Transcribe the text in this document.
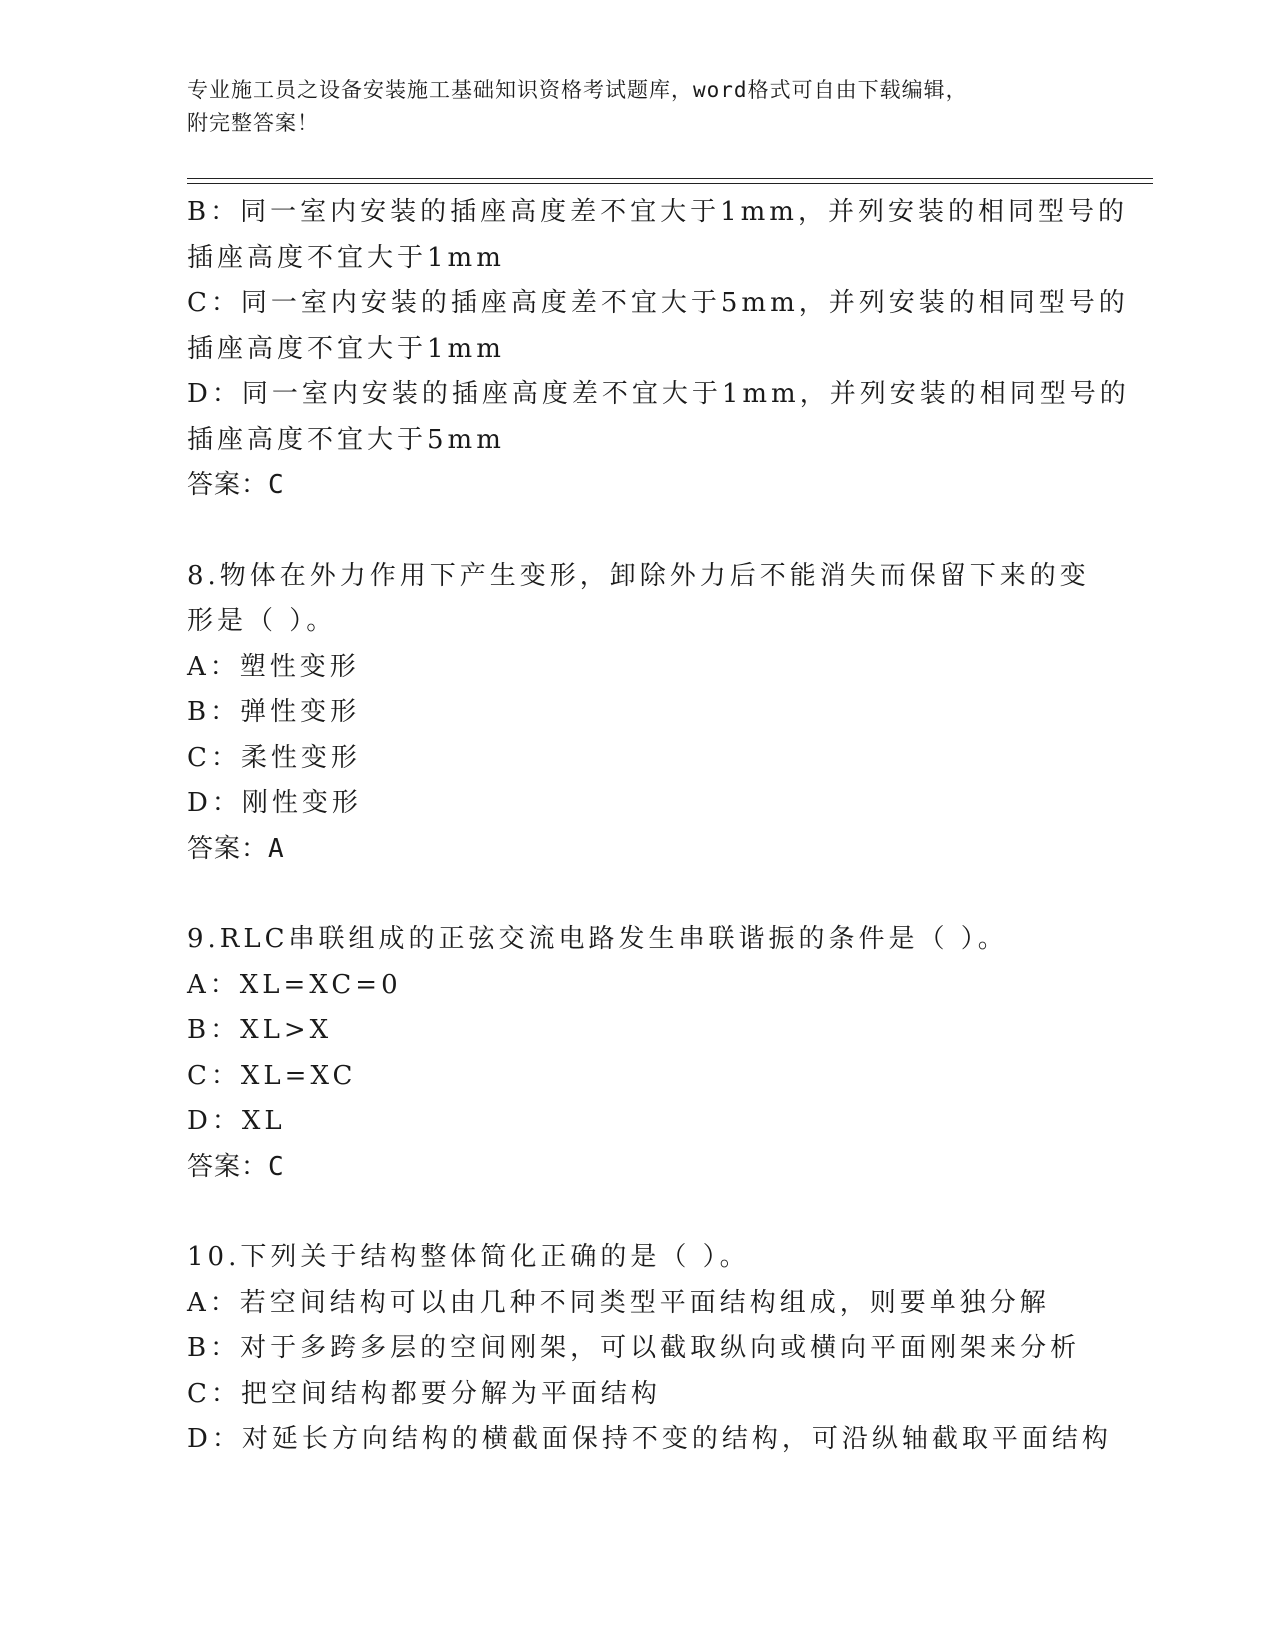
专业施工员之设备安装施工基础知识资格考试题库，word格式可自由下载编辑，
附完整答案！
B：同一室内安装的插座高度差不宜大于1mm，并列安装的相同型号的
插座高度不宜大于1mm
C：同一室内安装的插座高度差不宜大于5mm，并列安装的相同型号的
插座高度不宜大于1mm
D：同一室内安装的插座高度差不宜大于1mm，并列安装的相同型号的
插座高度不宜大于5mm
答案：C
8.物体在外力作用下产生变形，卸除外力后不能消失而保留下来的变
形是（ ）。
A：塑性变形
B：弹性变形
C：柔性变形
D：刚性变形
答案：A
9.RLC串联组成的正弦交流电路发生串联谐振的条件是（ ）。
A：XL=XC=0
B：XL>X
C：XL=XC
D：XL
答案：C
10.下列关于结构整体简化正确的是（ ）。
A：若空间结构可以由几种不同类型平面结构组成，则要单独分解
B：对于多跨多层的空间刚架，可以截取纵向或横向平面刚架来分析
C：把空间结构都要分解为平面结构
D：对延长方向结构的横截面保持不变的结构，可沿纵轴截取平面结构
